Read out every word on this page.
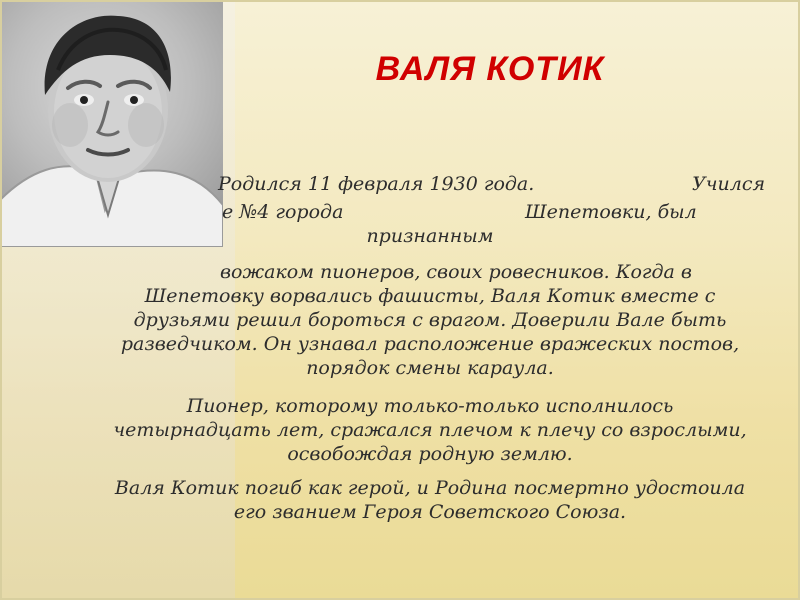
ВАЛЯ КОТИК
Родился 11 февраля 1930 года.	Учился
е №4 города	Шепетовки, был
признанным
вожаком пионеров, своих ровесников. Когда в
Шепетовку ворвались фашисты, Валя Котик вместе с
друзьями решил бороться с врагом. Доверили Вале быть
разведчиком. Он узнавал расположение вражеских постов,
порядок смены караула.
Пионер, которому только-только исполнилось
четырнадцать лет, сражался плечом к плечу со взрослыми,
освобождая родную землю.
Валя Котик погиб как герой, и Родина посмертно удостоила
его званием Героя Советского Союза.
